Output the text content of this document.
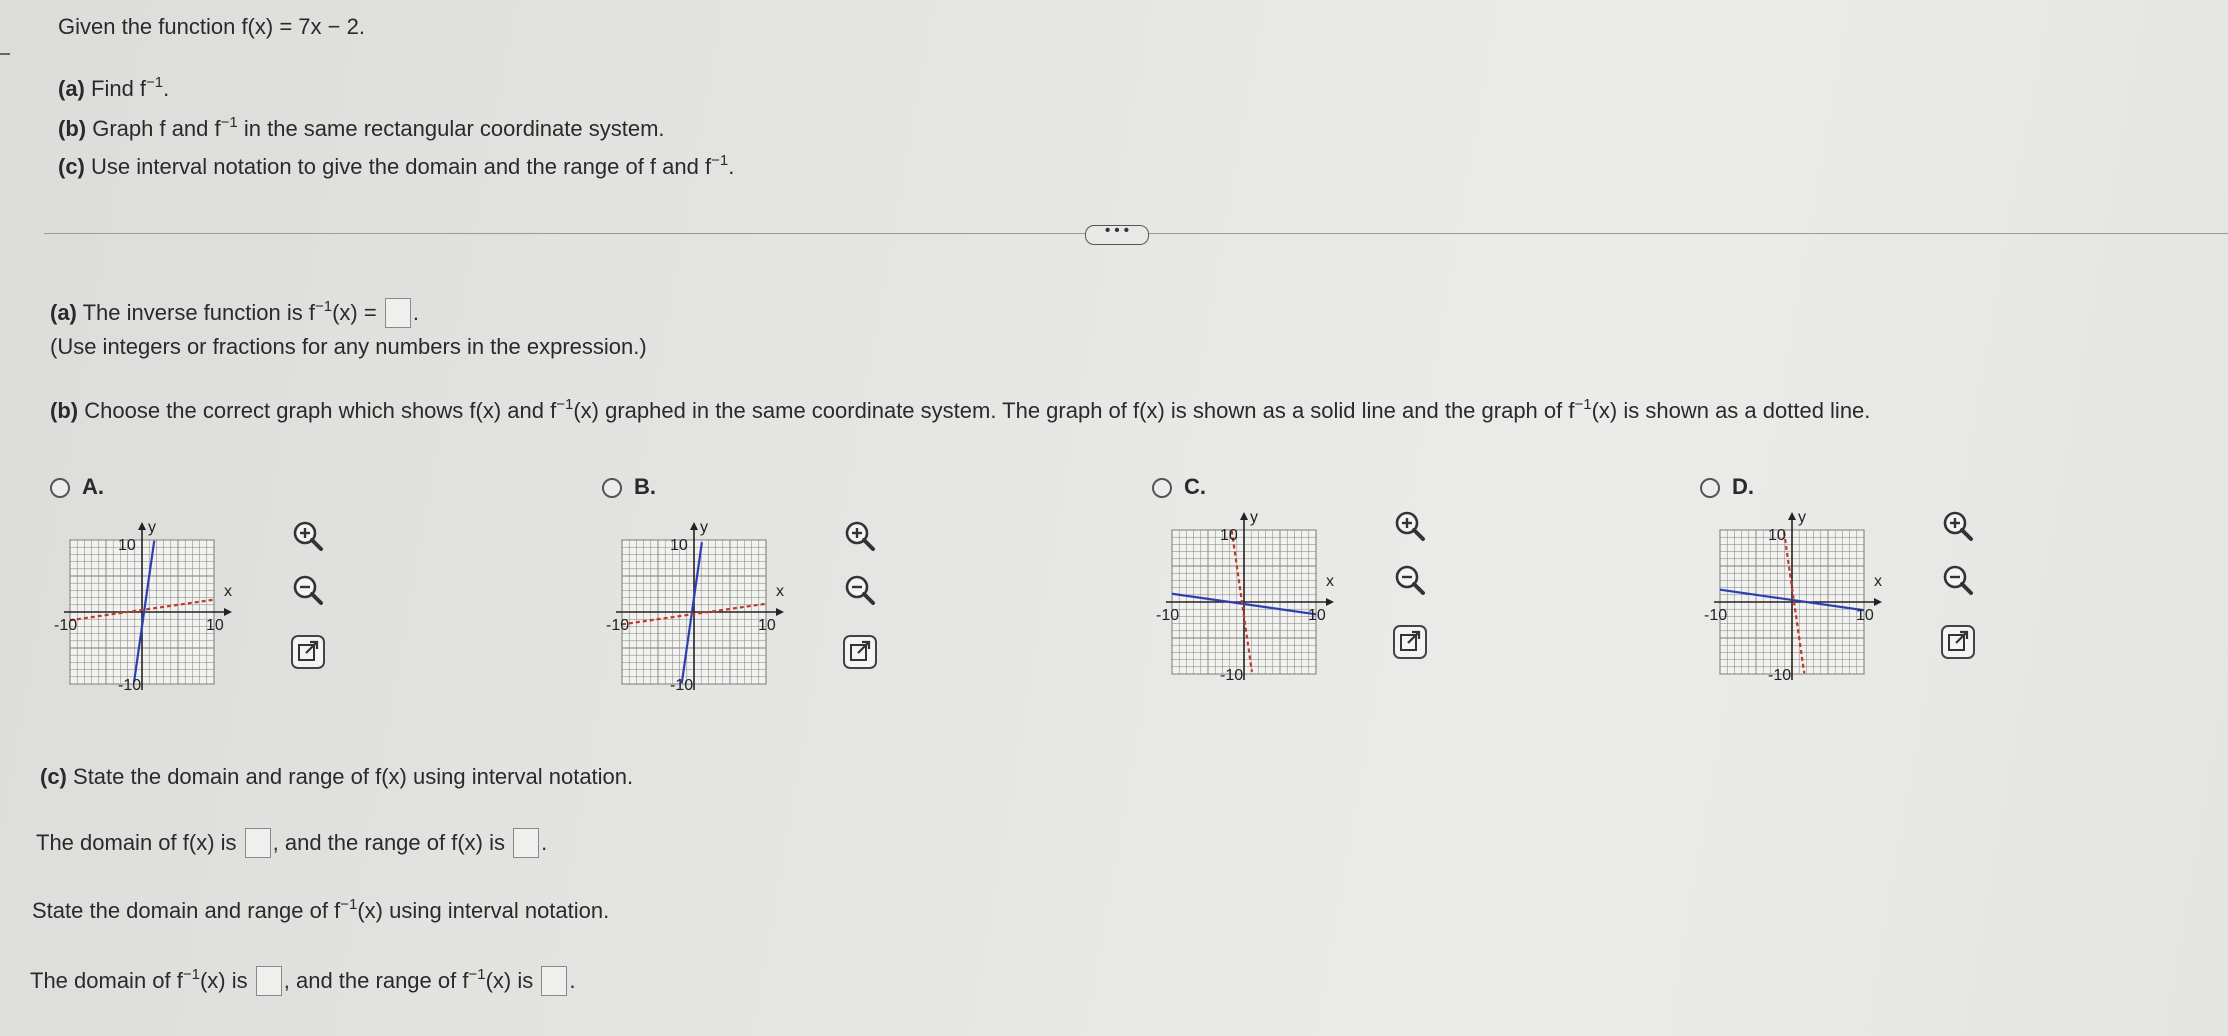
Given the function f(x) = 7x − 2.
(a) Find $f^{-1}$.
(b) Graph f and $f^{-1}$ in the same rectangular coordinate system.
(c) Use interval notation to give the domain and the range of f and $f^{-1}$.
• • •
(a) The inverse function is $f^{-1}(x)$ = .
(Use integers or fractions for any numbers in the expression.)
(b) Choose the correct graph which shows f(x) and $f^{-1}(x)$ graphed in the same coordinate system. The graph of f(x) is shown as a solid line and the graph of $f^{-1}(x)$ is shown as a dotted line.
A.
y
x
10
-10
-10	10
B.
y
x
10
-10
-10	10
C.
y
x
10
-10
-10	10
D.
y
x
10
-10
-10	10
(c) State the domain and range of f(x) using interval notation.
The domain of f(x) is , and the range of f(x) is .
State the domain and range of $f^{-1}(x)$ using interval notation.
The domain of $f^{-1}(x)$ is , and the range of $f^{-1}(x)$ is .
